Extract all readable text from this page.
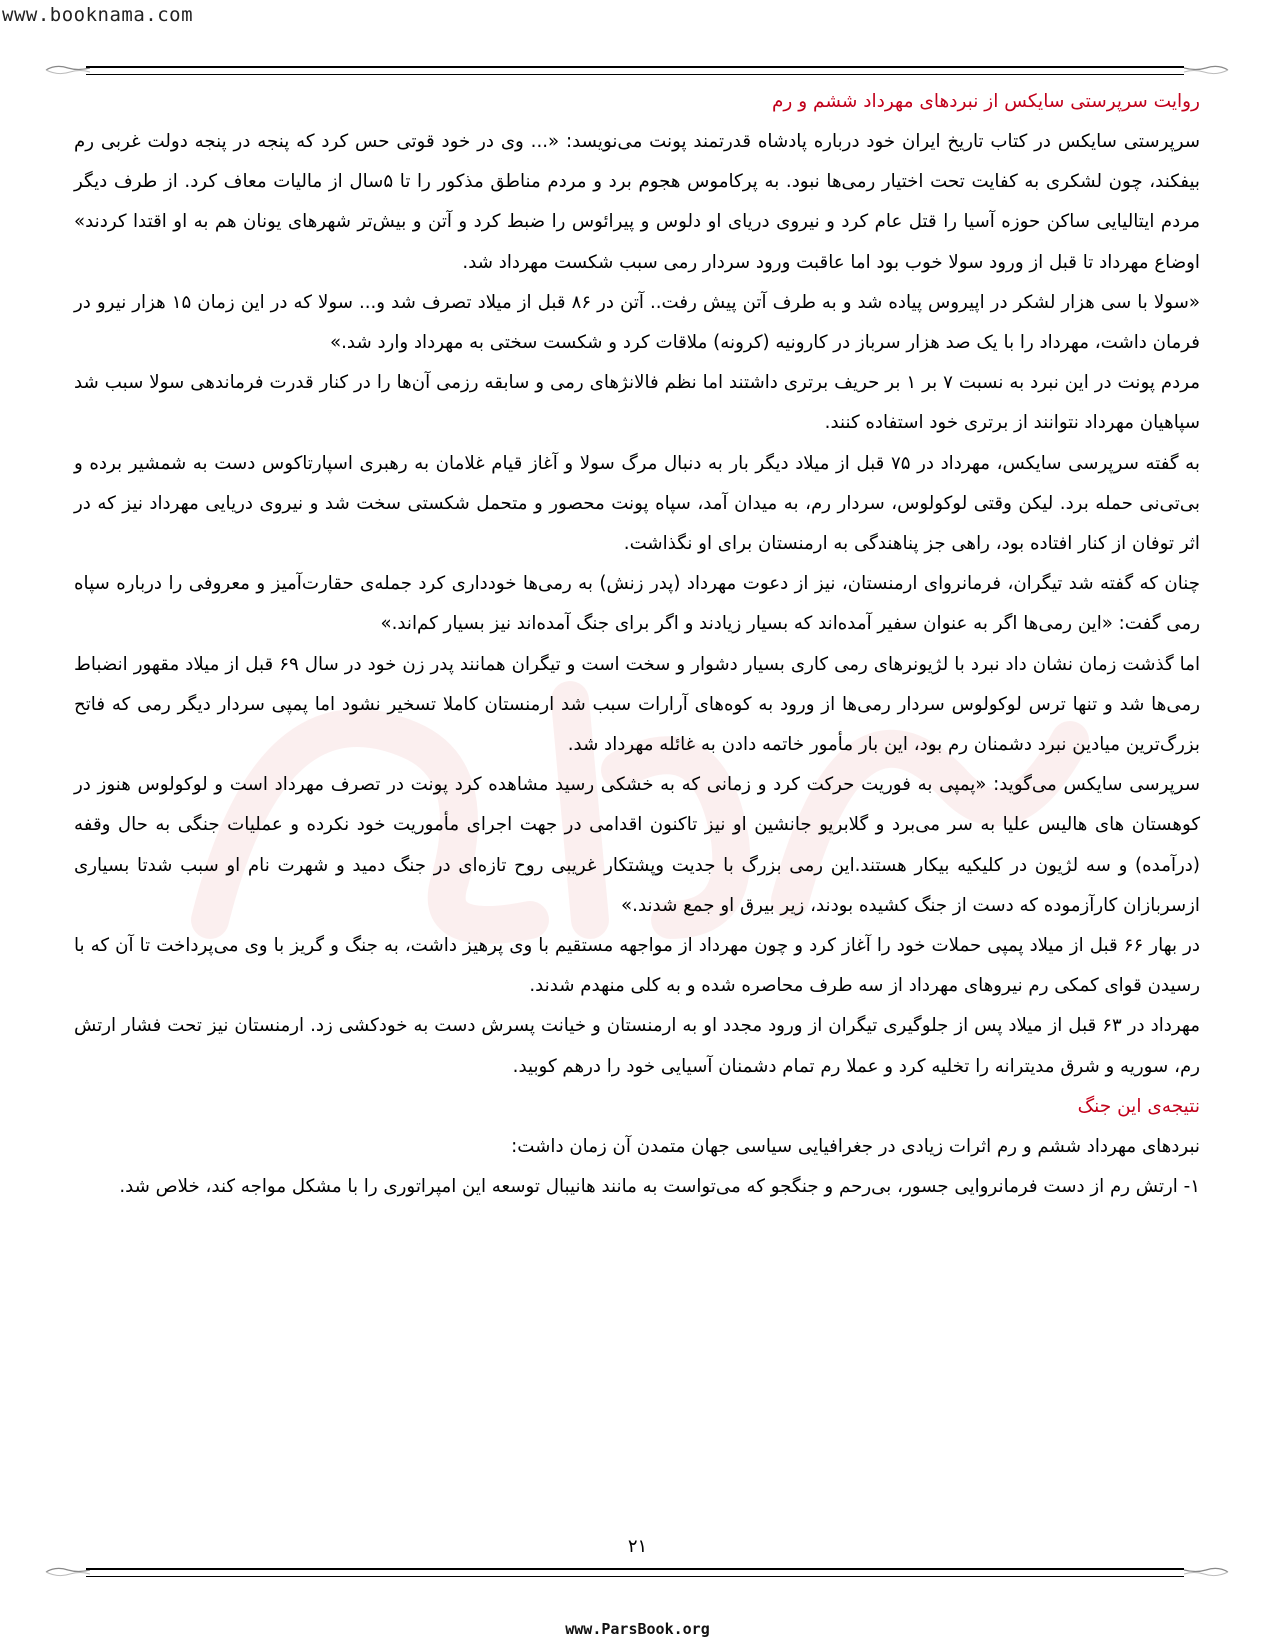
www.booknama.com
روایت سرپرستی سایکس از نبردهای مهرداد ششم و رم

سرپرستی سایکس در کتاب تاریخ ایران خود درباره پادشاه قدرتمند پونت می‌نویسد: «... وی در خود قوتی حس کرد که پنجه در پنجه دولت غربی رم بیفکند، چون لشکری به کفایت تحت اختیار رمی‌ها نبود. به پرکاموس هجوم برد و مردم مناطق مذکور را تا ۵سال از مالیات معاف کرد. از طرف دیگر مردم ایتالیایی ساکن حوزه آسیا را قتل عام کرد و نیروی دریای او دلوس و پیرائوس را ضبط کرد و آتن و بیش‌تر شهرهای یونان هم به او اقتدا کردند» اوضاع مهرداد تا قبل از ورود سولا خوب بود اما عاقبت ورود سردار رمی سبب شکست مهرداد شد.

«سولا با سی هزار لشکر در اپیروس پیاده شد و به طرف آتن پیش رفت.. آتن در ۸۶ قبل از میلاد تصرف شد و... سولا که در این زمان ۱۵ هزار نیرو در فرمان داشت، مهرداد را با یک صد هزار سرباز در کارونیه (کرونه) ملاقات کرد و شکست سختی به مهرداد وارد شد.»

مردم پونت در این نبرد به نسبت ۷ بر ۱ بر حریف برتری داشتند اما نظم فالانژهای رمی و سابقه رزمی آن‌ها را در کنار قدرت فرماندهی سولا سبب شد سپاهیان مهرداد نتوانند از برتری خود استفاده کنند.

به گفته سرپرسی سایکس، مهرداد در ۷۵ قبل از میلاد دیگر بار به دنبال مرگ سولا و آغاز قیام غلامان به رهبری اسپارتاکوس دست به شمشیر برده و بی‌تی‌نی حمله برد. لیکن وقتی لوکولوس، سردار رم، به میدان آمد، سپاه پونت محصور و متحمل شکستی سخت شد و نیروی دریایی مهرداد نیز که در اثر توفان از کنار افتاده بود، راهی جز پناهندگی به ارمنستان برای او نگذاشت.

چنان که گفته شد تیگران، فرمانروای ارمنستان، نیز از دعوت مهرداد (پدر زنش) به رمی‌ها خودداری کرد جمله‌ی حقارت‌آمیز و معروفی را درباره سپاه رمی گفت: «این رمی‌ها اگر به عنوان سفیر آمده‌اند که بسیار زیادند و اگر برای جنگ آمده‌اند نیز بسیار کم‌اند.»

اما گذشت زمان نشان داد نبرد با لژیونرهای رمی کاری بسیار دشوار و سخت است و تیگران همانند پدر زن خود در سال ۶۹ قبل از میلاد مقهور انضباط رمی‌ها شد و تنها ترس لوکولوس سردار رمی‌ها از ورود به کوه‌های آرارات سبب شد ارمنستان کاملا تسخیر نشود اما پمپی سردار دیگر رمی که فاتح بزرگ‌ترین میادین نبرد دشمنان رم بود، این بار مأمور خاتمه دادن به غائله مهرداد شد.

سرپرسی سایکس می‌گوید: «پمپی به فوریت حرکت کرد و زمانی که به خشکی رسید مشاهده کرد پونت در تصرف مهرداد است و لوکولوس هنوز در کوهستان های هالیس علیا به سر می‌برد و گلابریو جانشین او نیز تاکنون اقدامی در جهت اجرای مأموریت خود نکرده و عملیات جنگی به حال وقفه (درآمده) و سه لژیون در کلیکیه بیکار هستند.این رمی بزرگ با جدیت وپشتکار غریبی روح تازه‌ای در جنگ دمید و شهرت نام او سبب شدتا بسیاری ازسربازان کارآزموده که دست از جنگ کشیده بودند، زیر بیرق او جمع شدند.»

در بهار ۶۶ قبل از میلاد پمپی حملات خود را آغاز کرد و چون مهرداد از مواجهه مستقیم با وی پرهیز داشت، به جنگ و گریز با وی می‌پرداخت تا آن که با رسیدن قوای کمکی رم نیروهای مهرداد از سه طرف محاصره شده و به کلی منهدم شدند.

مهرداد در ۶۳ قبل از میلاد پس از جلوگیری تیگران از ورود مجدد او به ارمنستان و خیانت پسرش دست به خودکشی زد. ارمنستان نیز تحت فشار ارتش رم، سوریه و شرق مدیترانه را تخلیه کرد و عملا رم تمام دشمنان آسیایی خود را درهم کوبید.

نتیجه‌ی این جنگ

نبردهای مهرداد ششم و رم اثرات زیادی در جغرافیایی سیاسی جهان متمدن آن زمان داشت:

۱- ارتش رم از دست فرمانروایی جسور، بی‌رحم و جنگجو که می‌تواست به مانند هانیبال توسعه این امپراتوری را با مشکل مواجه کند، خلاص شد.

۲۱
www.ParsBook.org
